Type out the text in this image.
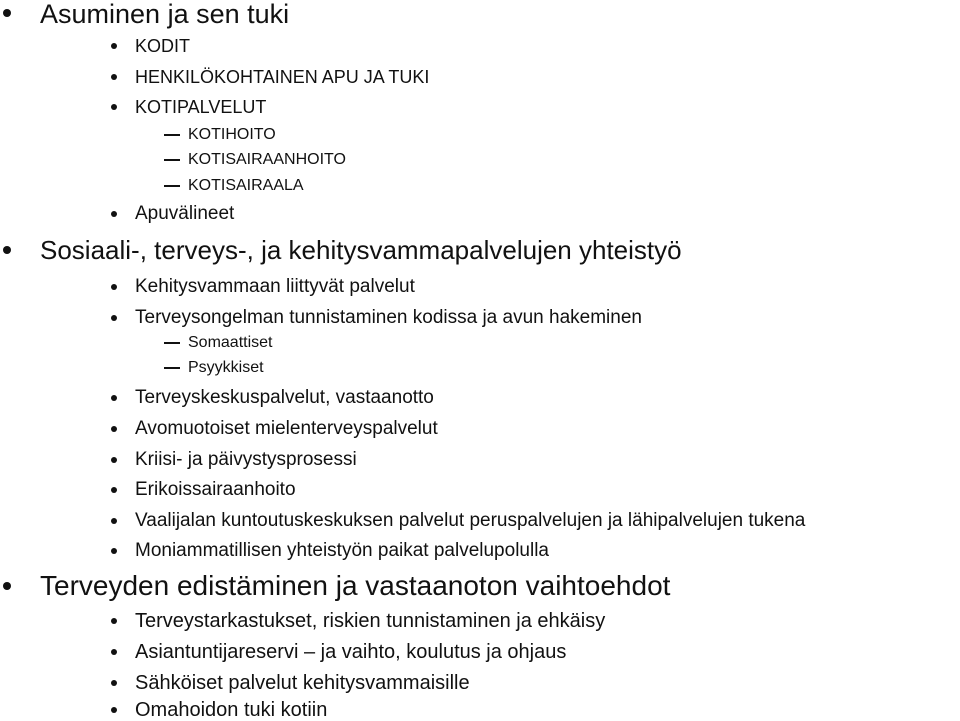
Asuminen ja sen tuki
KODIT
HENKILÖKOHTAINEN APU JA TUKI
KOTIPALVELUT
KOTIHOITO
KOTISAIRAANHOITO
KOTISAIRAALA
Apuvälineet
Sosiaali-, terveys-, ja kehitysvammapalvelujen yhteistyö
Kehitysvammaan liittyvät palvelut
Terveysongelman tunnistaminen kodissa ja avun hakeminen
Somaattiset
Psyykkiset
Terveyskeskuspalvelut, vastaanotto
Avomuotoiset mielenterveyspalvelut
Kriisi- ja päivystysprosessi
Erikoissairaanhoito
Vaalijalan kuntoutuskeskuksen palvelut peruspalvelujen ja lähipalvelujen tukena
Moniammatillisen yhteistyön paikat palvelupolulla
Terveyden edistäminen ja vastaanoton vaihtoehdot
Terveystarkastukset, riskien tunnistaminen ja ehkäisy
Asiantuntijareservi – ja vaihto, koulutus ja ohjaus
Sähköiset palvelut kehitysvammaisille
Omahoidon tuki kotiin
